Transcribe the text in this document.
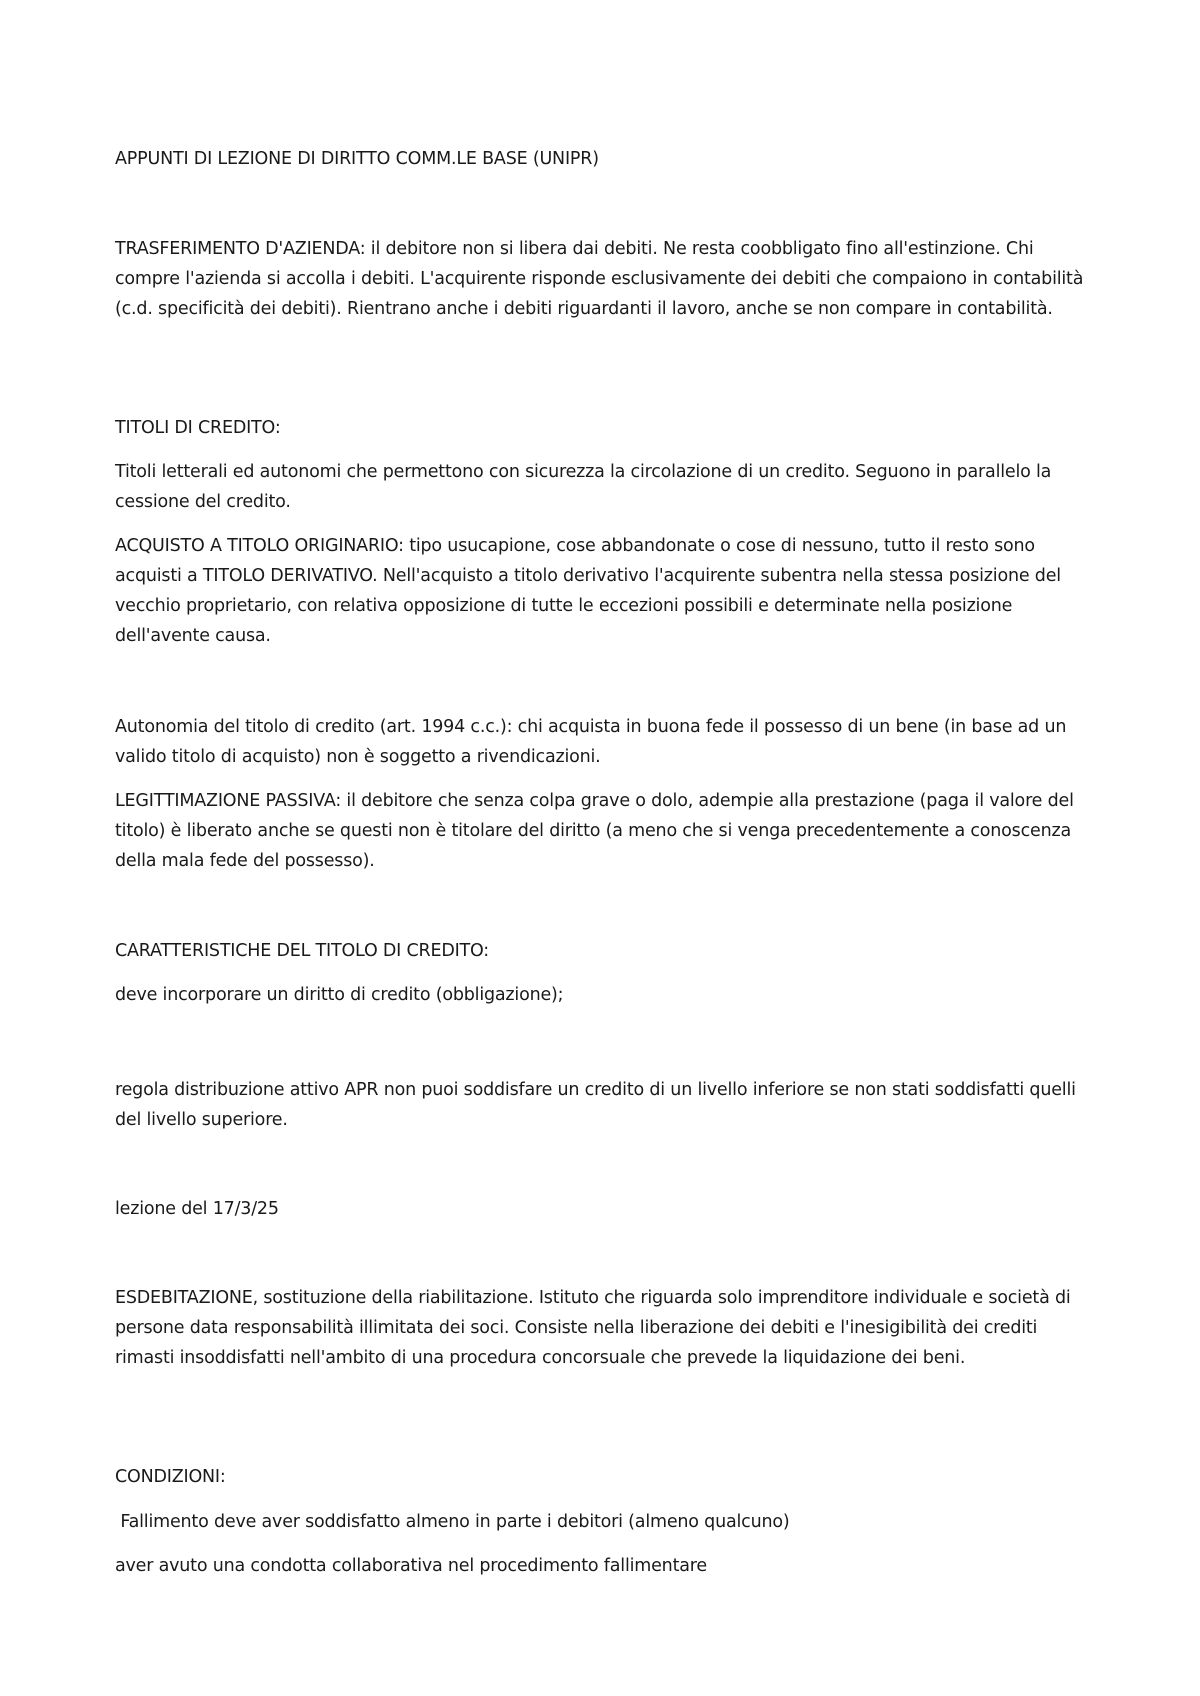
APPUNTI DI LEZIONE DI DIRITTO COMM.LE BASE (UNIPR)

TRASFERIMENTO D'AZIENDA: il debitore non si libera dai debiti. Ne resta coobbligato fino all'estinzione. Chi compre l'azienda si accolla i debiti. L'acquirente risponde esclusivamente dei debiti che compaiono in contabilità (c.d. specificità dei debiti). Rientrano anche i debiti riguardanti il lavoro, anche se non compare in contabilità.

TITOLI DI CREDITO:

Titoli letterali ed autonomi che permettono con sicurezza la circolazione di un credito. Seguono in parallelo la cessione del credito.

ACQUISTO A TITOLO ORIGINARIO: tipo usucapione, cose abbandonate o cose di nessuno, tutto il resto sono acquisti a TITOLO DERIVATIVO. Nell'acquisto a titolo derivativo l'acquirente subentra nella stessa posizione del vecchio proprietario, con relativa opposizione di tutte le eccezioni possibili e determinate nella posizione dell'avente causa.

Autonomia del titolo di credito (art. 1994 c.c.): chi acquista in buona fede il possesso di un bene (in base ad un valido titolo di acquisto) non è soggetto a rivendicazioni.

LEGITTIMAZIONE PASSIVA: il debitore che senza colpa grave o dolo, adempie alla prestazione (paga il valore del titolo) è liberato anche se questi non è titolare del diritto (a meno che si venga precedentemente a conoscenza della mala fede del possesso).

CARATTERISTICHE DEL TITOLO DI CREDITO:

deve incorporare un diritto di credito (obbligazione);

regola distribuzione attivo APR non puoi soddisfare un credito di un livello inferiore se non stati soddisfatti quelli del livello superiore.

lezione del 17/3/25

ESDEBITAZIONE, sostituzione della riabilitazione. Istituto che riguarda solo imprenditore individuale e società di persone data responsabilità illimitata dei soci. Consiste nella liberazione dei debiti e l'inesigibilità dei crediti rimasti insoddisfatti nell'ambito di una procedura concorsuale che prevede la liquidazione dei beni.

CONDIZIONI:

Fallimento deve aver soddisfatto almeno in parte i debitori (almeno qualcuno)

aver avuto una condotta collaborativa nel procedimento fallimentare
